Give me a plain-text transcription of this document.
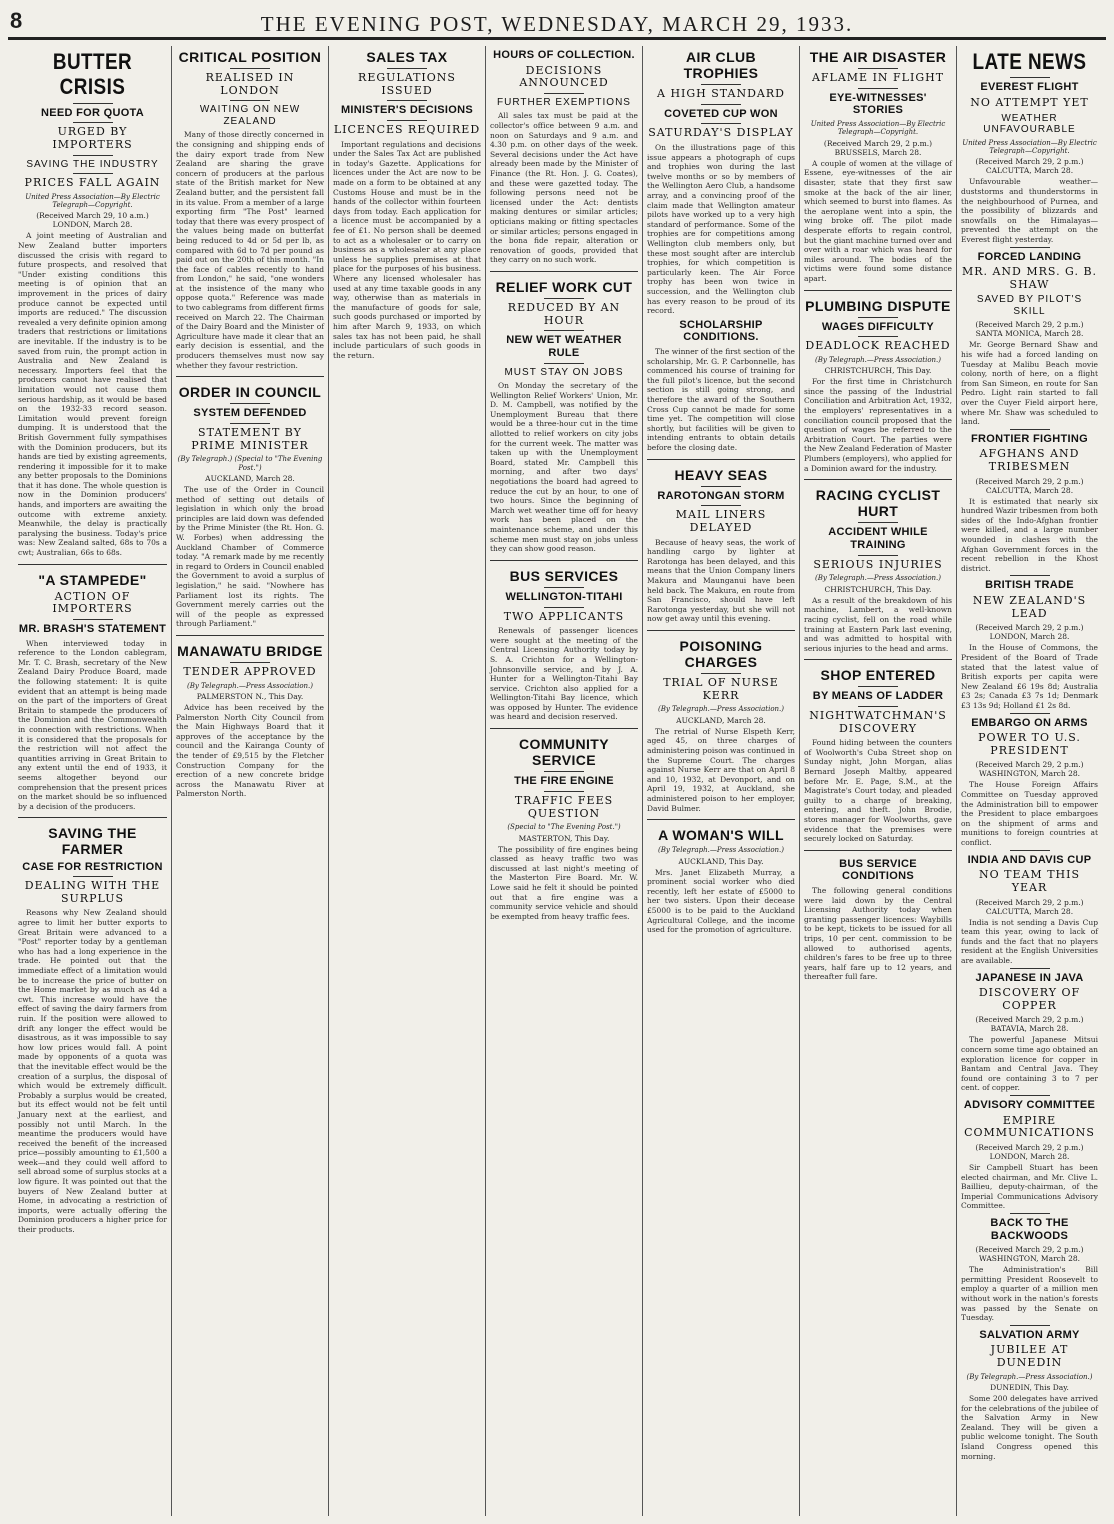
8	THE EVENING POST, WEDNESDAY, MARCH 29, 1933.
BUTTER CRISIS
NEED FOR QUOTA
URGED BY IMPORTERS
SAVING THE INDUSTRY
PRICES FALL AGAIN
United Press Association—By Electric Telegraph—Copyright.
(Received March 29, 10 a.m.) LONDON, March 28.
A joint meeting of Australian and New Zealand butter importers discussed the crisis with regard to future prospects, and resolved that "Under existing conditions this meeting is of opinion that an improvement in the prices of dairy produce cannot be expected until imports are reduced." The discussion revealed a very definite opinion among traders that restrictions or limitations are inevitable. If the industry is to be saved from ruin, the prompt action in Australia and New Zealand is necessary. Importers feel that the producers cannot have realised that limitation would not cause them serious hardship, as it would be based on the 1932-33 record season. Limitation would prevent foreign dumping. It is understood that the British Government fully sympathises with the Dominion producers, but its hands are tied by existing agreements, rendering it impossible for it to make any better proposals to the Dominions that it has done. The whole question is now in the Dominion producers' hands, and importers are awaiting the outcome with extreme anxiety. Meanwhile, the delay is practically paralysing the business. Today's price was: New Zealand salted, 68s to 70s a cwt; Australian, 66s to 68s.
"A STAMPEDE"
ACTION OF IMPORTERS
MR. BRASH'S STATEMENT
When interviewed today in reference to the London cablegram, Mr. T. C. Brash, secretary of the New Zealand Dairy Produce Board, made the following statement: It is quite evident that an attempt is being made on the part of the importers of Great Britain to stampede the producers of the Dominion and the Commonwealth in connection with restrictions. When it is considered that the proposals for the restriction will not affect the quantities arriving in Great Britain to any extent until the end of 1933, it seems altogether beyond our comprehension that the present prices on the market should be so influenced by a decision of the producers.
SAVING THE FARMER
CASE FOR RESTRICTION
DEALING WITH THE SURPLUS
Reasons why New Zealand should agree to limit her butter exports to Great Britain were advanced to a "Post" reporter today by a gentleman who has had a long experience in the trade. He pointed out that the immediate effect of a limitation would be to increase the price of butter on the Home market by as much as 4d a cwt. This increase would have the effect of saving the dairy farmers from ruin. If the position were allowed to drift any longer the effect would be disastrous, as it was impossible to say how low prices would fall. A point made by opponents of a quota was that the inevitable effect would be the creation of a surplus, the disposal of which would be extremely difficult. Probably a surplus would be created, but its effect would not be felt until January next at the earliest, and possibly not until March. In the meantime the producers would have received the benefit of the increased price—possibly amounting to £1,500 a week—and they could well afford to sell abroad some of surplus stocks at a low figure. It was pointed out that the buyers of New Zealand butter at Home, in advocating a restriction of imports, were actually offering the Dominion producers a higher price for their products.
CRITICAL POSITION
REALISED IN LONDON
WAITING ON NEW ZEALAND
Many of those directly concerned in the consigning and shipping ends of the dairy export trade from New Zealand are sharing the grave concern of producers at the parlous state of the British market for New Zealand butter, and the persistent fall in its value. From a member of a large exporting firm "The Post" learned today that there was every prospect of the values being made on butterfat being reduced to 4d or 5d per lb, as compared with 6d to 7d per pound as paid out on the 20th of this month. "In the face of cables recently to hand from London," he said, "one wonders at the insistence of the many who oppose quota." Reference was made to two cablegrams from different firms received on March 22. The Chairman of the Dairy Board and the Minister of Agriculture have made it clear that an early decision is essential, and the producers themselves must now say whether they favour restriction.
ORDER IN COUNCIL
SYSTEM DEFENDED
STATEMENT BY PRIME MINISTER
(By Telegraph.) (Special to "The Evening Post.")
AUCKLAND, March 28.
The use of the Order in Council method of setting out details of legislation in which only the broad principles are laid down was defended by the Prime Minister (the Rt. Hon. G. W. Forbes) when addressing the Auckland Chamber of Commerce today. "A remark made by me recently in regard to Orders in Council enabled the Government to avoid a surplus of legislation," he said. "Nowhere has Parliament lost its rights. The Government merely carries out the will of the people as expressed through Parliament."
MANAWATU BRIDGE
TENDER APPROVED
(By Telegraph.—Press Association.)
PALMERSTON N., This Day.
Advice has been received by the Palmerston North City Council from the Main Highways Board that it approves of the acceptance by the council and the Kairanga County of the tender of £9,515 by the Fletcher Construction Company for the erection of a new concrete bridge across the Manawatu River at Palmerston North.
SALES TAX
REGULATIONS ISSUED
MINISTER'S DECISIONS
LICENCES REQUIRED
Important regulations and decisions under the Sales Tax Act are published in today's Gazette. Applications for licences under the Act are now to be made on a form to be obtained at any Customs House and must be in the hands of the collector within fourteen days from today. Each application for a licence must be accompanied by a fee of £1. No person shall be deemed to act as a wholesaler or to carry on business as a wholesaler at any place unless he supplies premises at that place for the purposes of his business. Where any licensed wholesaler has used at any time taxable goods in any way, otherwise than as materials in the manufacture of goods for sale, such goods purchased or imported by him after March 9, 1933, on which sales tax has not been paid, he shall include particulars of such goods in the return.
HOURS OF COLLECTION.
DECISIONS ANNOUNCED
FURTHER EXEMPTIONS
All sales tax must be paid at the collector's office between 9 a.m. and noon on Saturdays and 9 a.m. and 4.30 p.m. on other days of the week. Several decisions under the Act have already been made by the Minister of Finance (the Rt. Hon. J. G. Coates), and these were gazetted today. The following persons need not be licensed under the Act: dentists making dentures or similar articles; opticians making or fitting spectacles or similar articles; persons engaged in the bona fide repair, alteration or renovation of goods, provided that they carry on no such work.
RELIEF WORK CUT
REDUCED BY AN HOUR
NEW WET WEATHER RULE
MUST STAY ON JOBS
On Monday the secretary of the Wellington Relief Workers' Union, Mr. D. M. Campbell, was notified by the Unemployment Bureau that there would be a three-hour cut in the time allotted to relief workers on city jobs for the current week. The matter was taken up with the Unemployment Board, stated Mr. Campbell this morning, and after two days' negotiations the board had agreed to reduce the cut by an hour, to one of two hours. Since the beginning of March wet weather time off for heavy work has been placed on the maintenance scheme, and under this scheme men must stay on jobs unless they can show good reason.
BUS SERVICES
WELLINGTON-TITAHI
TWO APPLICANTS
Renewals of passenger licences were sought at the meeting of the Central Licensing Authority today by S. A. Crichton for a Wellington-Johnsonville service, and by J. A. Hunter for a Wellington-Titahi Bay service. Crichton also applied for a Wellington-Titahi Bay licence, which was opposed by Hunter. The evidence was heard and decision reserved.
COMMUNITY SERVICE
THE FIRE ENGINE
TRAFFIC FEES QUESTION
(Special to "The Evening Post.")
MASTERTON, This Day.
The possibility of fire engines being classed as heavy traffic two was discussed at last night's meeting of the Masterton Fire Board. Mr. W. Lowe said he felt it should be pointed out that a fire engine was a community service vehicle and should be exempted from heavy traffic fees.
AIR CLUB TROPHIES
A HIGH STANDARD
COVETED CUP WON
SATURDAY'S DISPLAY
On the illustrations page of this issue appears a photograph of cups and trophies won during the last twelve months or so by members of the Wellington Aero Club, a handsome array, and a convincing proof of the claim made that Wellington amateur pilots have worked up to a very high standard of performance. Some of the trophies are for competitions among Wellington club members only, but these most sought after are interclub trophies, for which competition is particularly keen. The Air Force trophy has been won twice in succession, and the Wellington club has every reason to be proud of its record.
SCHOLARSHIP CONDITIONS.
The winner of the first section of the scholarship, Mr. G. P. Carbonnelle, has commenced his course of training for the full pilot's licence, but the second section is still going strong, and therefore the award of the Southern Cross Cup cannot be made for some time yet. The competition will close shortly, but facilities will be given to intending entrants to obtain details before the closing date.
HEAVY SEAS
RAROTONGAN STORM
MAIL LINERS DELAYED
Because of heavy seas, the work of handling cargo by lighter at Rarotonga has been delayed, and this means that the Union Company liners Makura and Maunganui have been held back. The Makura, en route from San Francisco, should have left Rarotonga yesterday, but she will not now get away until this evening.
POISONING CHARGES
TRIAL OF NURSE KERR
(By Telegraph.—Press Association.)
AUCKLAND, March 28.
The retrial of Nurse Elspeth Kerr, aged 45, on three charges of administering poison was continued in the Supreme Court. The charges against Nurse Kerr are that on April 8 and 10, 1932, at Devonport, and on April 19, 1932, at Auckland, she administered poison to her employer, David Bulmer.
A WOMAN'S WILL
(By Telegraph.—Press Association.)
AUCKLAND, This Day.
Mrs. Janet Elizabeth Murray, a prominent social worker who died recently, left her estate of £5000 to her two sisters. Upon their decease £5000 is to be paid to the Auckland Agricultural College, and the income used for the promotion of agriculture.
THE AIR DISASTER
AFLAME IN FLIGHT
EYE-WITNESSES' STORIES
United Press Association—By Electric Telegraph—Copyright.
(Received March 29, 2 p.m.) BRUSSELS, March 28.
A couple of women at the village of Essene, eye-witnesses of the air disaster, state that they first saw smoke at the back of the air liner, which seemed to burst into flames. As the aeroplane went into a spin, the wing broke off. The pilot made desperate efforts to regain control, but the giant machine turned over and over with a roar which was heard for miles around. The bodies of the victims were found some distance apart.
PLUMBING DISPUTE
WAGES DIFFICULTY
DEADLOCK REACHED
(By Telegraph.—Press Association.)
CHRISTCHURCH, This Day.
For the first time in Christchurch since the passing of the Industrial Conciliation and Arbitration Act, 1932, the employers' representatives in a conciliation council proposed that the question of wages be referred to the Arbitration Court. The parties were the New Zealand Federation of Master Plumbers (employers), who applied for a Dominion award for the industry.
RACING CYCLIST HURT
ACCIDENT WHILE TRAINING
SERIOUS INJURIES
(By Telegraph.—Press Association.)
CHRISTCHURCH, This Day.
As a result of the breakdown of his machine, Lambert, a well-known racing cyclist, fell on the road while training at Eastern Park last evening, and was admitted to hospital with serious injuries to the head and arms.
SHOP ENTERED
BY MEANS OF LADDER
NIGHTWATCHMAN'S DISCOVERY
Found hiding between the counters of Woolworth's Cuba Street shop on Sunday night, John Morgan, alias Bernard Joseph Maltby, appeared before Mr. E. Page, S.M., at the Magistrate's Court today, and pleaded guilty to a charge of breaking, entering, and theft. John Brodie, stores manager for Woolworths, gave evidence that the premises were securely locked on Saturday.
BUS SERVICE CONDITIONS
The following general conditions were laid down by the Central Licensing Authority today when granting passenger licences: Waybills to be kept, tickets to be issued for all trips, 10 per cent. commission to be allowed to authorised agents, children's fares to be free up to three years, half fare up to 12 years, and thereafter full fare.
LATE NEWS
EVEREST FLIGHT
NO ATTEMPT YET
WEATHER UNFAVOURABLE
United Press Association—By Electric Telegraph—Copyright.
(Received March 29, 2 p.m.) CALCUTTA, March 28.
Unfavourable weather—duststorms and thunderstorms in the neighbourhood of Purnea, and the possibility of blizzards and snowfalls on the Himalayas—prevented the attempt on the Everest flight yesterday.
FORCED LANDING
MR. AND MRS. G. B. SHAW
SAVED BY PILOT'S SKILL
(Received March 29, 2 p.m.) SANTA MONICA, March 28.
Mr. George Bernard Shaw and his wife had a forced landing on Tuesday at Malibu Beach movie colony, north of here, on a flight from San Simeon, en route for San Pedro. Light rain started to fall over the Cuyer Field airport here, where Mr. Shaw was scheduled to land.
FRONTIER FIGHTING
AFGHANS AND TRIBESMEN
(Received March 29, 2 p.m.) CALCUTTA, March 28.
It is estimated that nearly six hundred Wazir tribesmen from both sides of the Indo-Afghan frontier were killed, and a large number wounded in clashes with the Afghan Government forces in the recent rebellion in the Khost district.
BRITISH TRADE
NEW ZEALAND'S LEAD
(Received March 29, 2 p.m.) LONDON, March 28.
In the House of Commons, the President of the Board of Trade stated that the latest value of British exports per capita were New Zealand £6 19s 8d; Australia £3 2s; Canada £3 7s 1d; Denmark £3 13s 9d; Holland £1 2s 8d.
EMBARGO ON ARMS
POWER TO U.S. PRESIDENT
(Received March 29, 2 p.m.) WASHINGTON, March 28.
The House Foreign Affairs Committee on Tuesday approved the Administration bill to empower the President to place embargoes on the shipment of arms and munitions to foreign countries at conflict.
INDIA AND DAVIS CUP
NO TEAM THIS YEAR
(Received March 29, 2 p.m.) CALCUTTA, March 28.
India is not sending a Davis Cup team this year, owing to lack of funds and the fact that no players resident at the English Universities are available.
JAPANESE IN JAVA
DISCOVERY OF COPPER
(Received March 29, 2 p.m.) BATAVIA, March 28.
The powerful Japanese Mitsui concern some time ago obtained an exploration licence for copper in Bantam and Central Java. They found ore containing 3 to 7 per cent. of copper.
ADVISORY COMMITTEE
EMPIRE COMMUNICATIONS
(Received March 29, 2 p.m.) LONDON, March 28.
Sir Campbell Stuart has been elected chairman, and Mr. Clive L. Baillieu, deputy-chairman, of the Imperial Communications Advisory Committee.
BACK TO THE BACKWOODS
(Received March 29, 2 p.m.) WASHINGTON, March 28.
The Administration's Bill permitting President Roosevelt to employ a quarter of a million men without work in the nation's forests was passed by the Senate on Tuesday.
SALVATION ARMY
JUBILEE AT DUNEDIN
(By Telegraph.—Press Association.)
DUNEDIN, This Day.
Some 200 delegates have arrived for the celebrations of the jubilee of the Salvation Army in New Zealand. They will be given a public welcome tonight. The South Island Congress opened this morning.
